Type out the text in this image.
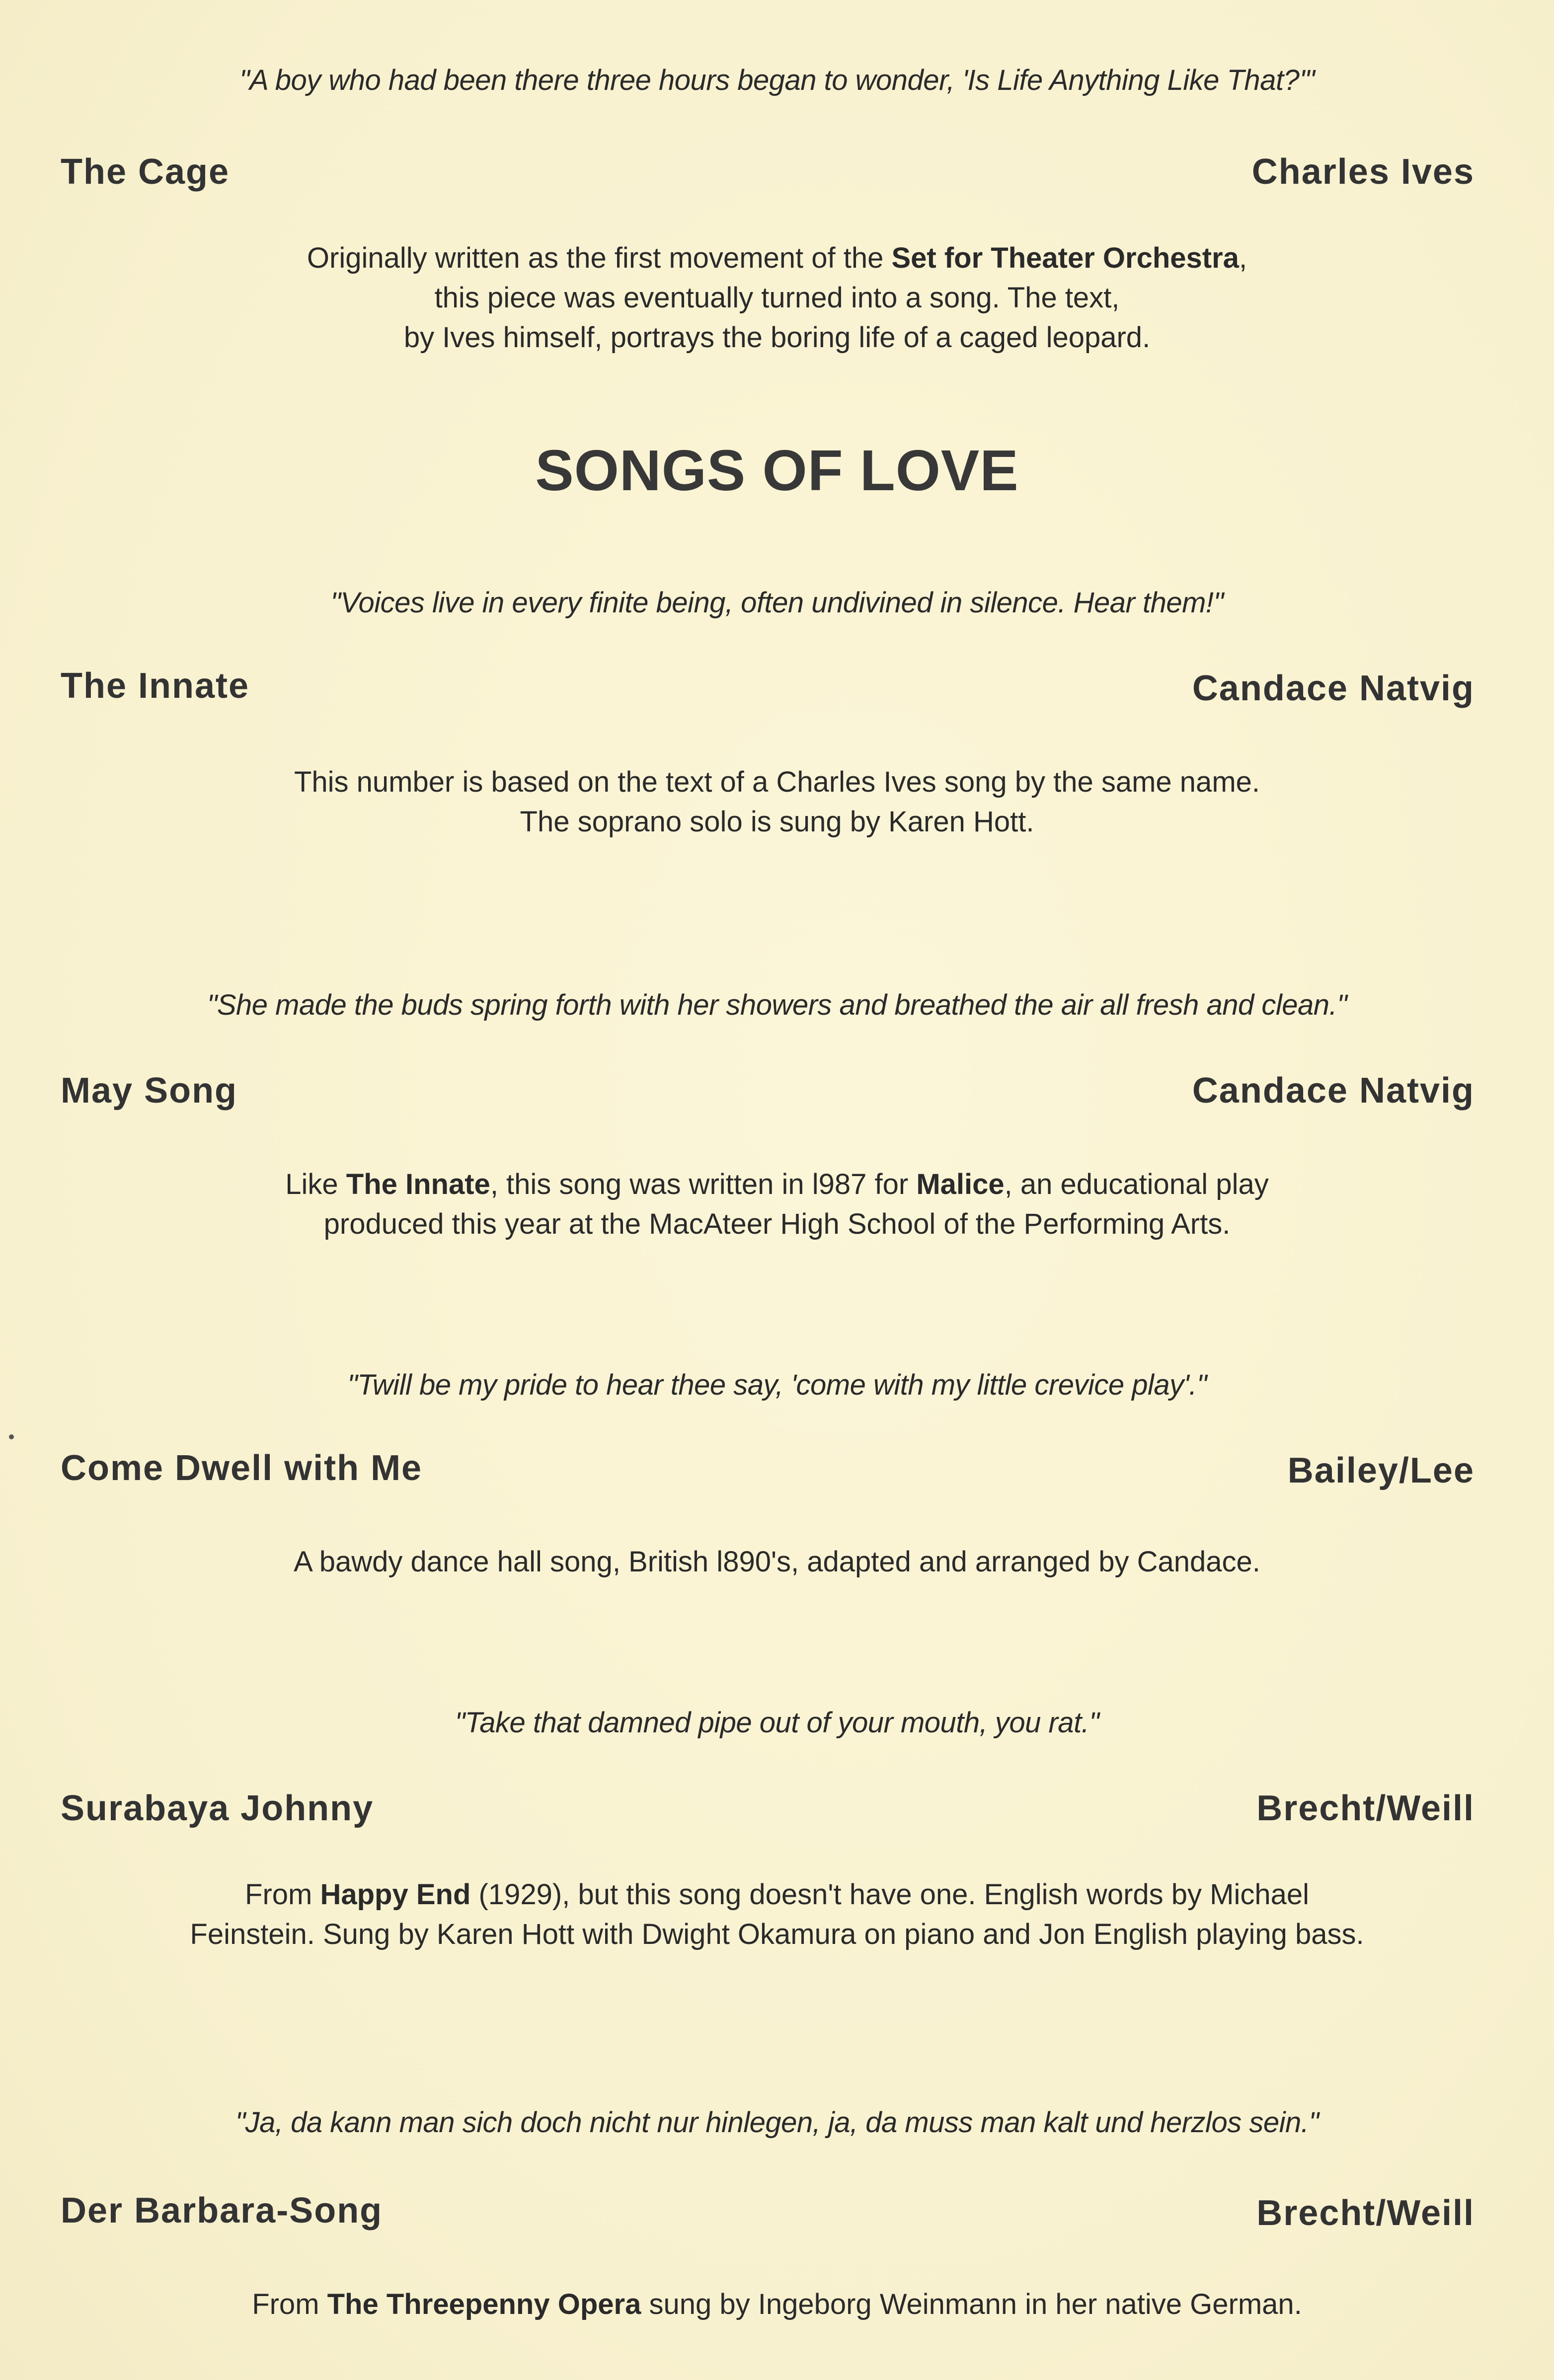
"A boy who had been there three hours began to wonder, 'Is Life Anything Like That?'"
The Cage	Charles Ives
Originally written as the first movement of the Set for Theater Orchestra,
this piece was eventually turned into a song. The text,
by Ives himself, portrays the boring life of a caged leopard.
SONGS OF LOVE
"Voices live in every finite being, often undivined in silence. Hear them!"
The Innate	Candace Natvig
This number is based on the text of a Charles Ives song by the same name.
The soprano solo is sung by Karen Hott.
"She made the buds spring forth with her showers and breathed the air all fresh and clean."
May Song	Candace Natvig
Like The Innate, this song was written in l987 for Malice, an educational play
produced this year at the MacAteer High School of the Performing Arts.
"Twill be my pride to hear thee say, 'come with my little crevice play'."
Come Dwell with Me	Bailey/Lee
A bawdy dance hall song, British l890's, adapted and arranged by Candace.
"Take that damned pipe out of your mouth, you rat."
Surabaya Johnny	Brecht/Weill
From Happy End (1929), but this song doesn't have one. English words by Michael
Feinstein. Sung by Karen Hott with Dwight Okamura on piano and Jon English playing bass.
"Ja, da kann man sich doch nicht nur hinlegen, ja, da muss man kalt und herzlos sein."
Der Barbara-Song	Brecht/Weill
From The Threepenny Opera sung by Ingeborg Weinmann in her native German.
